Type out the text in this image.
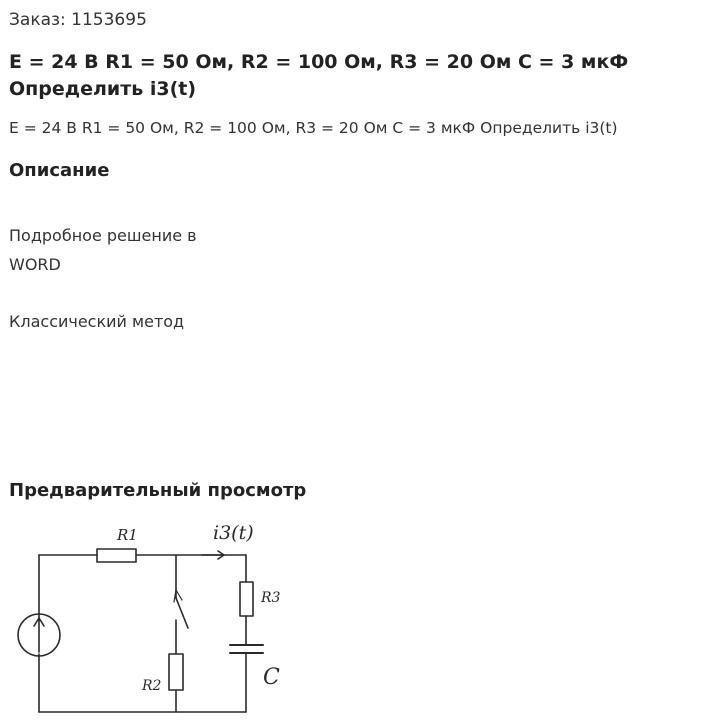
Заказ: 1153695
E = 24 В R1 = 50 Ом, R2 = 100 Ом, R3 = 20 Ом C = 3 мкФ
Определить i3(t)
E = 24 В R1 = 50 Ом, R2 = 100 Ом, R3 = 20 Ом C = 3 мкФ Определить i3(t)
Описание
Подробное решение в
WORD
Классический метод
Предварительный просмотр
R1
R2
R3
C
i3(t)
